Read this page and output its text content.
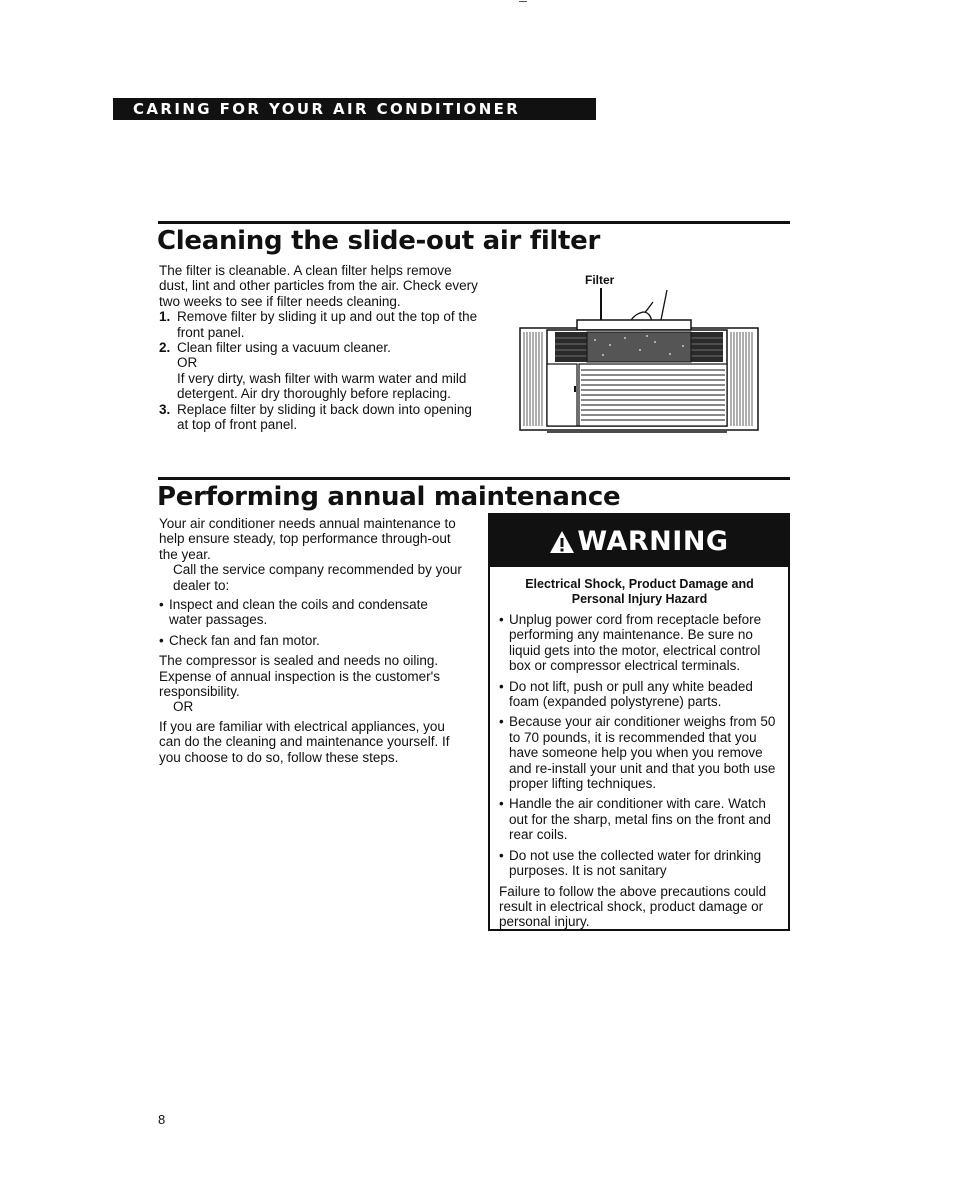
CARING FOR YOUR AIR CONDITIONER
Cleaning the slide-out air filter

The filter is cleanable. A clean filter helps remove dust, lint and other particles from the air. Check every two weeks to see if filter needs cleaning.

1. Remove filter by sliding it up and out the top of the front panel.
2. Clean filter using a vacuum cleaner.
OR
If very dirty, wash filter with warm water and mild detergent. Air dry thoroughly before replacing.
3. Replace filter by sliding it back down into opening at top of front panel.
Filter
Performing annual maintenance

Your air conditioner needs annual maintenance to help ensure steady, top performance through-out the year.

Call the service company recommended by your dealer to:

• Inspect and clean the coils and condensate water passages.
• Check fan and fan motor.

The compressor is sealed and needs no oiling. Expense of annual inspection is the customer's responsibility.

OR

If you are familiar with electrical appliances, you can do the cleaning and maintenance yourself. If you choose to do so, follow these steps.

WARNING
Electrical Shock, Product Damage and
Personal Injury Hazard
• Unplug power cord from receptacle before performing any maintenance. Be sure no liquid gets into the motor, electrical control box or compressor electrical terminals.
• Do not lift, push or pull any white beaded foam (expanded polystyrene) parts.
• Because your air conditioner weighs from 50 to 70 pounds, it is recommended that you have someone help you when you remove and re-install your unit and that you both use proper lifting techniques.
• Handle the air conditioner with care. Watch out for the sharp, metal fins on the front and rear coils.
• Do not use the collected water for drinking purposes. It is not sanitary

Failure to follow the above precautions could result in electrical shock, product damage or personal injury.

8
